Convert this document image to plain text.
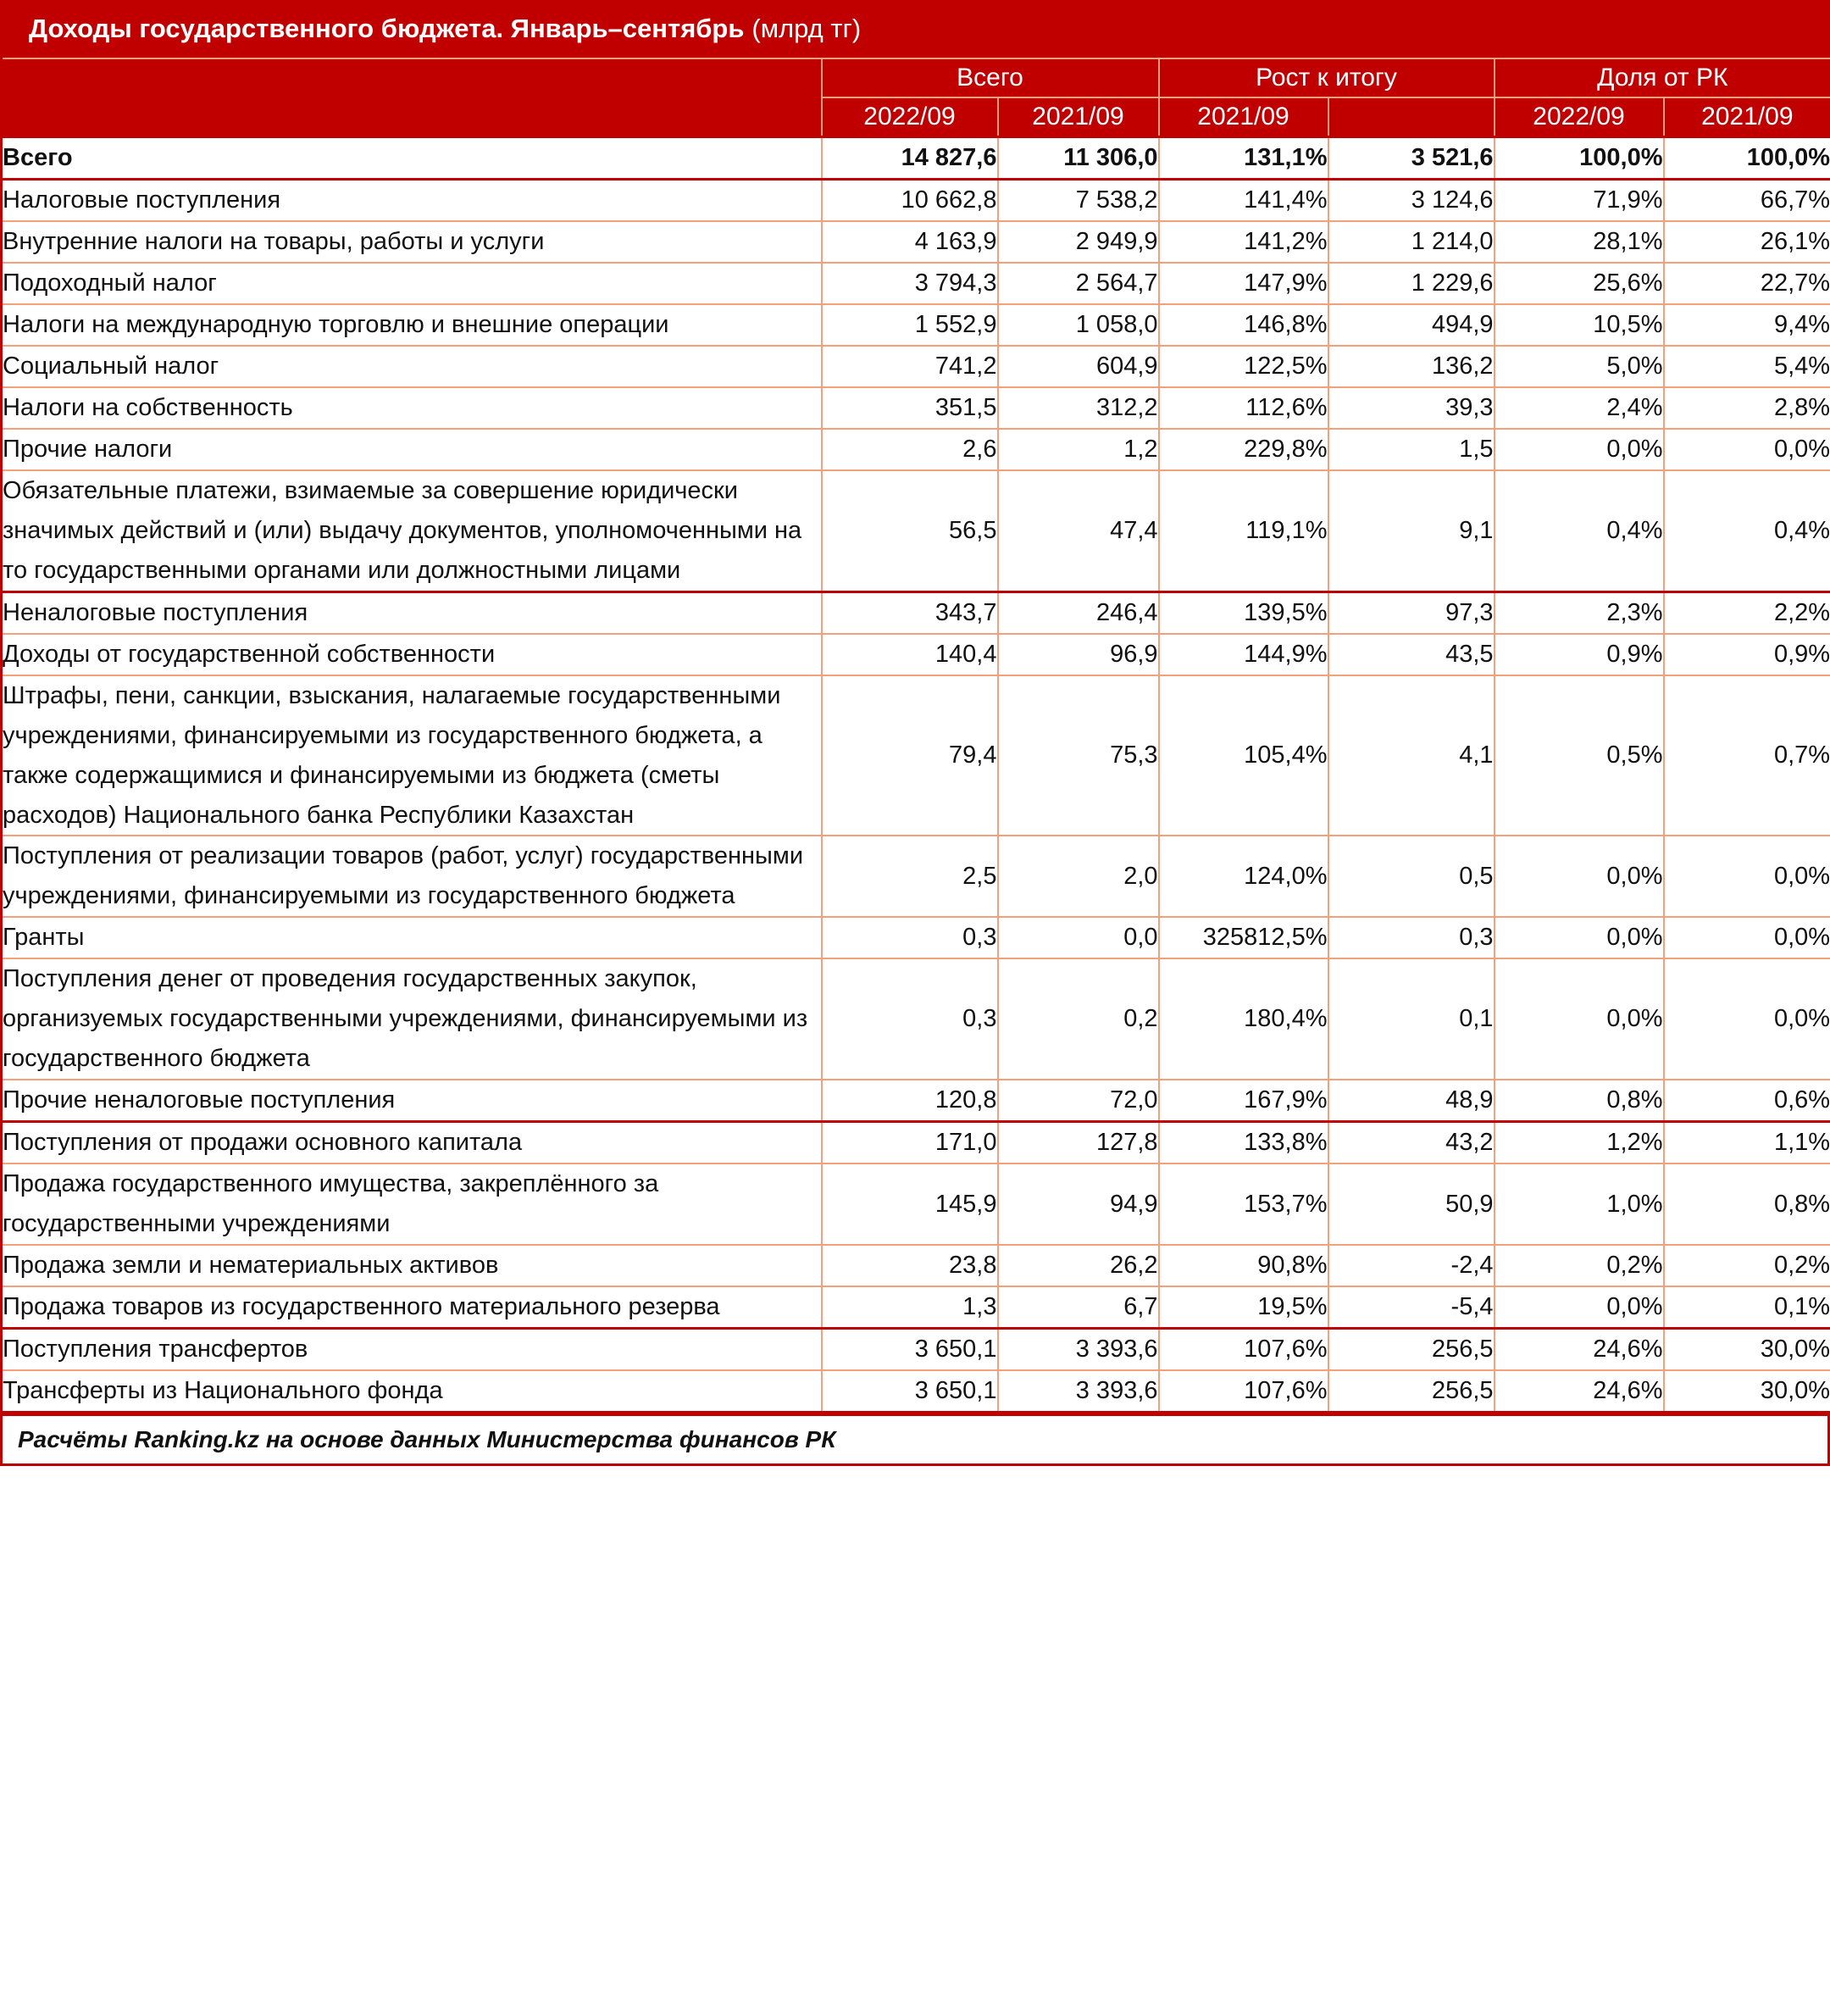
Доходы государственного бюджета. Январь–сентябрь (млрд тг)
	Всего		Рост к итогу		Доля от РК	
	2022/09	2021/09	2021/09		2022/09	2021/09
Всего	14 827,6	11 306,0	131,1%	3 521,6	100,0%	100,0%
Налоговые поступления	10 662,8	7 538,2	141,4%	3 124,6	71,9%	66,7%
Внутренние налоги на товары, работы и услуги	4 163,9	2 949,9	141,2%	1 214,0	28,1%	26,1%
Подоходный налог	3 794,3	2 564,7	147,9%	1 229,6	25,6%	22,7%
Налоги на международную торговлю и внешние операции	1 552,9	1 058,0	146,8%	494,9	10,5%	9,4%
Социальный налог	741,2	604,9	122,5%	136,2	5,0%	5,4%
Налоги на собственность	351,5	312,2	112,6%	39,3	2,4%	2,8%
Прочие налоги	2,6	1,2	229,8%	1,5	0,0%	0,0%
Обязательные платежи, взимаемые за совершение юридически значимых действий и (или) выдачу документов, уполномоченными на то государственными органами или должностными лицами	56,5	47,4	119,1%	9,1	0,4%	0,4%
Неналоговые поступления	343,7	246,4	139,5%	97,3	2,3%	2,2%
Доходы от государственной собственности	140,4	96,9	144,9%	43,5	0,9%	0,9%
Штрафы, пени, санкции, взыскания, налагаемые государственными учреждениями, финансируемыми из государственного бюджета, а также содержащимися и финансируемыми из бюджета (сметы расходов) Национального банка Республики Казахстан	79,4	75,3	105,4%	4,1	0,5%	0,7%
Поступления от реализации товаров (работ, услуг) государственными учреждениями, финансируемыми из государственного бюджета	2,5	2,0	124,0%	0,5	0,0%	0,0%
Гранты	0,3	0,0	325812,5%	0,3	0,0%	0,0%
Поступления денег от проведения государственных закупок, организуемых государственными учреждениями, финансируемыми из государственного бюджета	0,3	0,2	180,4%	0,1	0,0%	0,0%
Прочие неналоговые поступления	120,8	72,0	167,9%	48,9	0,8%	0,6%
Поступления от продажи основного капитала	171,0	127,8	133,8%	43,2	1,2%	1,1%
Продажа государственного имущества, закреплённого за государственными учреждениями	145,9	94,9	153,7%	50,9	1,0%	0,8%
Продажа земли и нематериальных активов	23,8	26,2	90,8%	-2,4	0,2%	0,2%
Продажа товаров из государственного материального резерва	1,3	6,7	19,5%	-5,4	0,0%	0,1%
Поступления трансфертов	3 650,1	3 393,6	107,6%	256,5	24,6%	30,0%
Трансферты из Национального фонда	3 650,1	3 393,6	107,6%	256,5	24,6%	30,0%
Расчёты Ranking.kz на основе данных Министерства финансов РК
